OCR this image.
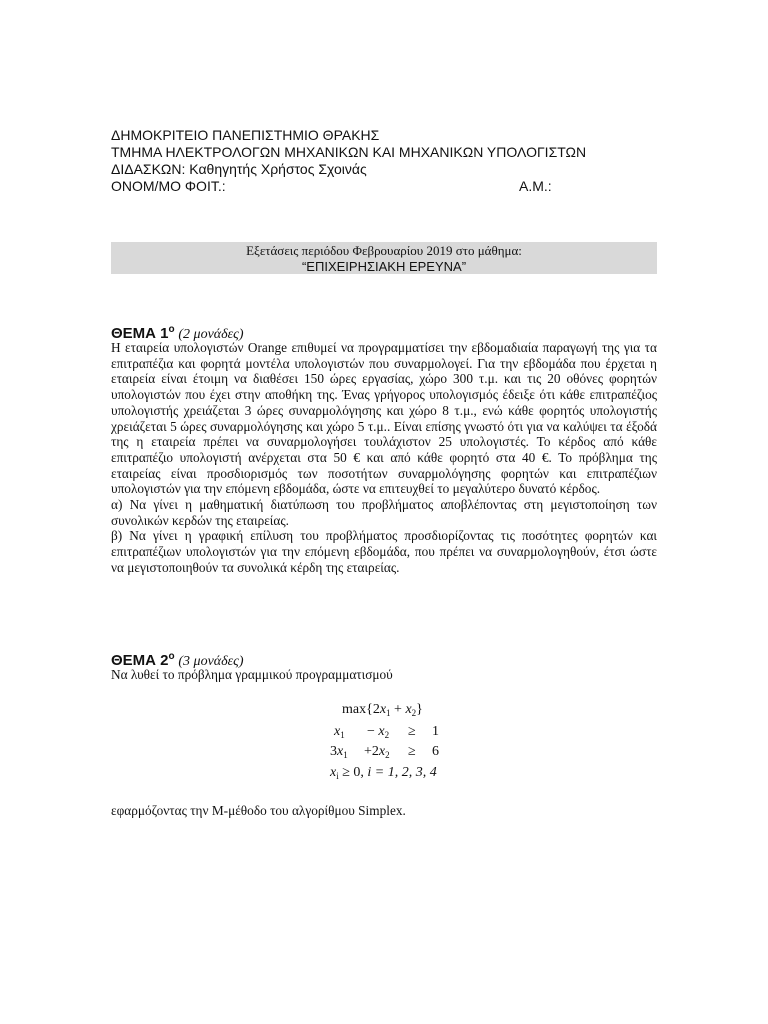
ΔΗΜΟΚΡΙΤΕΙΟ ΠΑΝΕΠΙΣΤΗΜΙΟ ΘΡΑΚΗΣ
ΤΜΗΜΑ ΗΛΕΚΤΡΟΛΟΓΩΝ ΜΗΧΑΝΙΚΩΝ ΚΑΙ ΜΗΧΑΝΙΚΩΝ ΥΠΟΛΟΓΙΣΤΩΝ
ΔΙΔΑΣΚΩΝ: Καθηγητής Χρήστος Σχοινάς
ΟΝΟΜ/ΜΟ ΦΟΙΤ.:	Α.Μ.:
Εξετάσεις περιόδου Φεβρουαρίου 2019 στο μάθημα:
“ΕΠΙΧΕΙΡΗΣΙΑΚΗ ΕΡΕΥΝΑ”
ΘΕΜΑ $1^o$ (2 μονάδες)

Η εταιρεία υπολογιστών Orange επιθυμεί να προγραμματίσει την εβδομαδιαία παραγωγή της για τα επιτραπέζια και φορητά μοντέλα υπολογιστών που συναρμολογεί. Για την εβδομάδα που έρχεται η εταιρεία είναι έτοιμη να διαθέσει 150 ώρες εργασίας, χώρο 300 τ.μ. και τις 20 οθόνες φορητών υπολογιστών που έχει στην αποθήκη της. Ένας γρήγορος υπολογισμός έδειξε ότι κάθε επιτραπέζιος υπολογιστής χρειάζεται 3 ώρες συναρμολόγησης και χώρο 8 τ.μ., ενώ κάθε φορητός υπολογιστής χρειάζεται 5 ώρες συναρμολόγησης και χώρο 5 τ.μ.. Είναι επίσης γνωστό ότι για να καλύψει τα έξοδά της η εταιρεία πρέπει να συναρμολογήσει τουλάχιστον 25 υπολογιστές. Το κέρδος από κάθε επιτραπέζιο υπολογιστή ανέρχεται στα 50 € και από κάθε φορητό στα 40 €. Το πρόβλημα της εταιρείας είναι προσδιορισμός των ποσοτήτων συναρμολόγησης φορητών και επιτραπέζιων υπολογιστών για την επόμενη εβδομάδα, ώστε να επιτευχθεί το μεγαλύτερο δυνατό κέρδος.

α) Να γίνει η μαθηματική διατύπωση του προβλήματος αποβλέποντας στη μεγιστοποίηση των συνολικών κερδών της εταιρείας.

β) Να γίνει η γραφική επίλυση του προβλήματος προσδιορίζοντας τις ποσότητες φορητών και επιτραπέζιων υπολογιστών για την επόμενη εβδομάδα, που πρέπει να συναρμολογηθούν, έτσι ώστε να μεγιστοποιηθούν τα συνολικά κέρδη της εταιρείας.

ΘΕΜΑ $2^o$ (3 μονάδες)
Να λυθεί το πρόβλημα γραμμικού προγραμματισμού
$\max\{2x_1 + x_2\}$
$x_1 - x_2 \ge 1$
$3x_1 +2x_2 \ge 6$
$x_i \ge 0$, i = 1, 2, 3, 4
εφαρμόζοντας την Μ-μέθοδο του αλγορίθμου Simplex.
